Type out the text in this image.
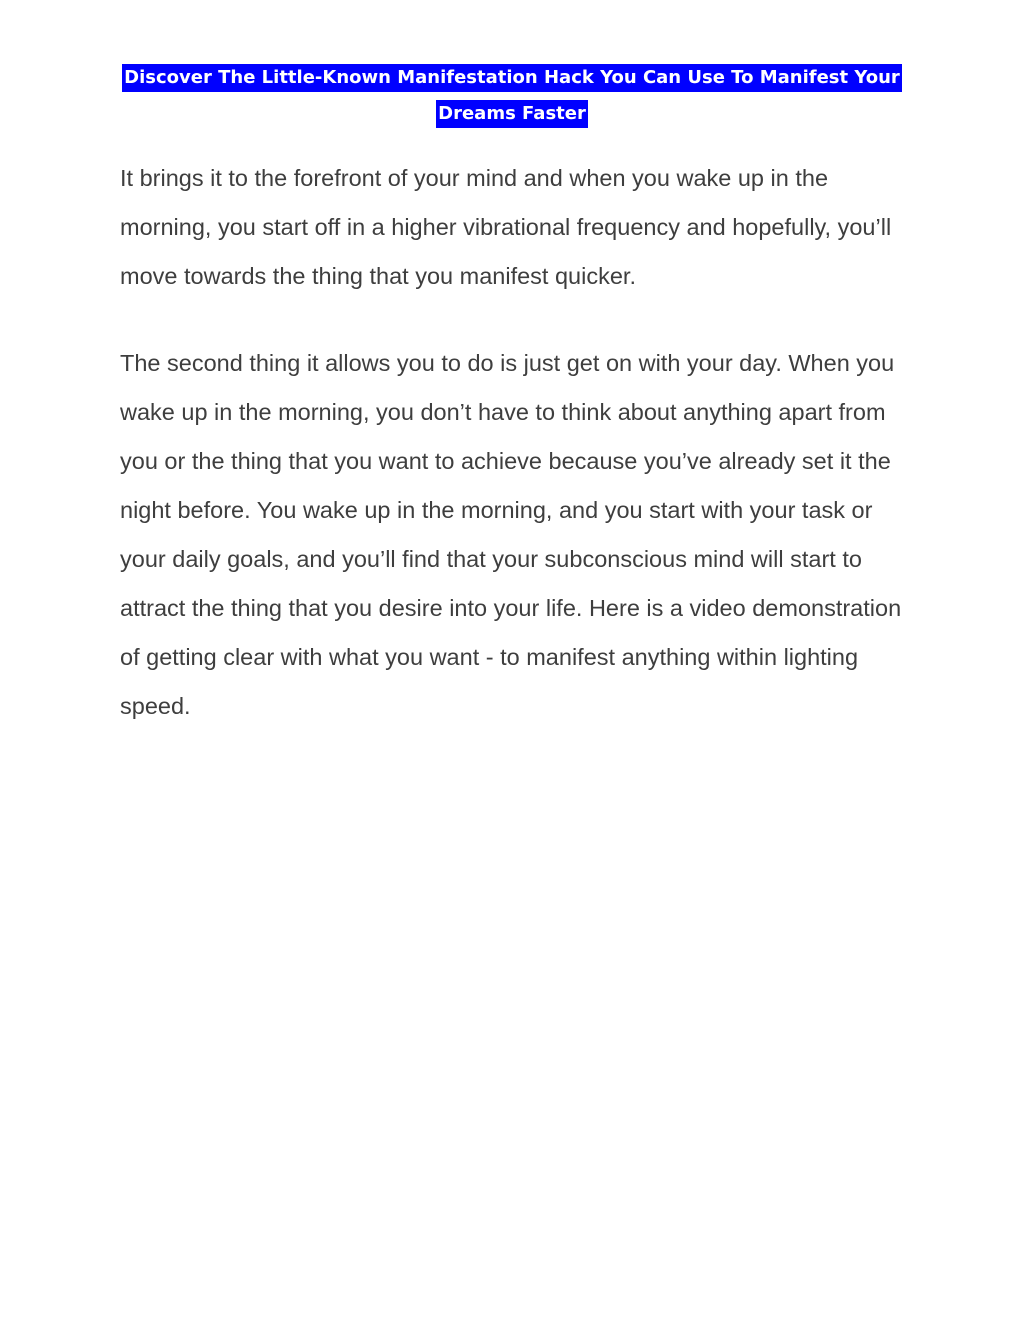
Discover The Little-Known Manifestation Hack You Can Use To Manifest Your Dreams Faster

It brings it to the forefront of your mind and when you wake up in the morning, you start off in a higher vibrational frequency and hopefully, you’ll move towards the thing that you manifest quicker.

The second thing it allows you to do is just get on with your day. When you wake up in the morning, you don’t have to think about anything apart from you or the thing that you want to achieve because you’ve already set it the night before. You wake up in the morning, and you start with your task or your daily goals, and you’ll find that your subconscious mind will start to attract the thing that you desire into your life. Here is a video demonstration of getting clear with what you want - to manifest anything within lighting speed.
